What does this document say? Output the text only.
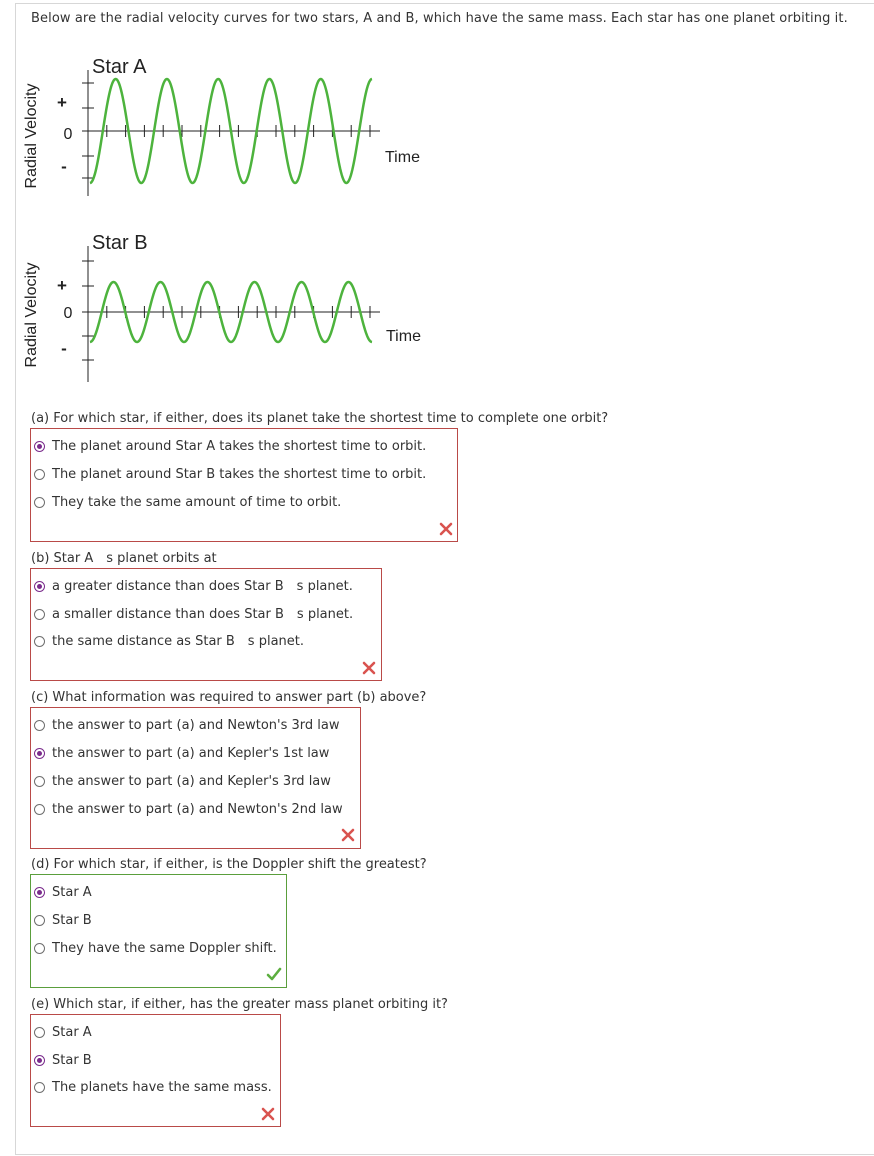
Below are the radial velocity curves for two stars, A and B, which have the same mass. Each star has one planet orbiting it.
Radial Velocity +
0
-
Star A
Time
Radial Velocity +
0
-
Star B
Time
(a) For which star, if either, does its planet take the shortest time to complete one orbit?
The planet around Star A takes the shortest time to orbit.
The planet around Star B takes the shortest time to orbit.
They take the same amount of time to orbit.
(b) Star A s planet orbits at
a greater distance than does Star B s planet.
a smaller distance than does Star B s planet.
the same distance as Star B s planet.
(c) What information was required to answer part (b) above?
the answer to part (a) and Newton's 3rd law
the answer to part (a) and Kepler's 1st law
the answer to part (a) and Kepler's 3rd law
the answer to part (a) and Newton's 2nd law
(d) For which star, if either, is the Doppler shift the greatest?
Star A
Star B
They have the same Doppler shift.
(e) Which star, if either, has the greater mass planet orbiting it?
Star A
Star B
The planets have the same mass.
